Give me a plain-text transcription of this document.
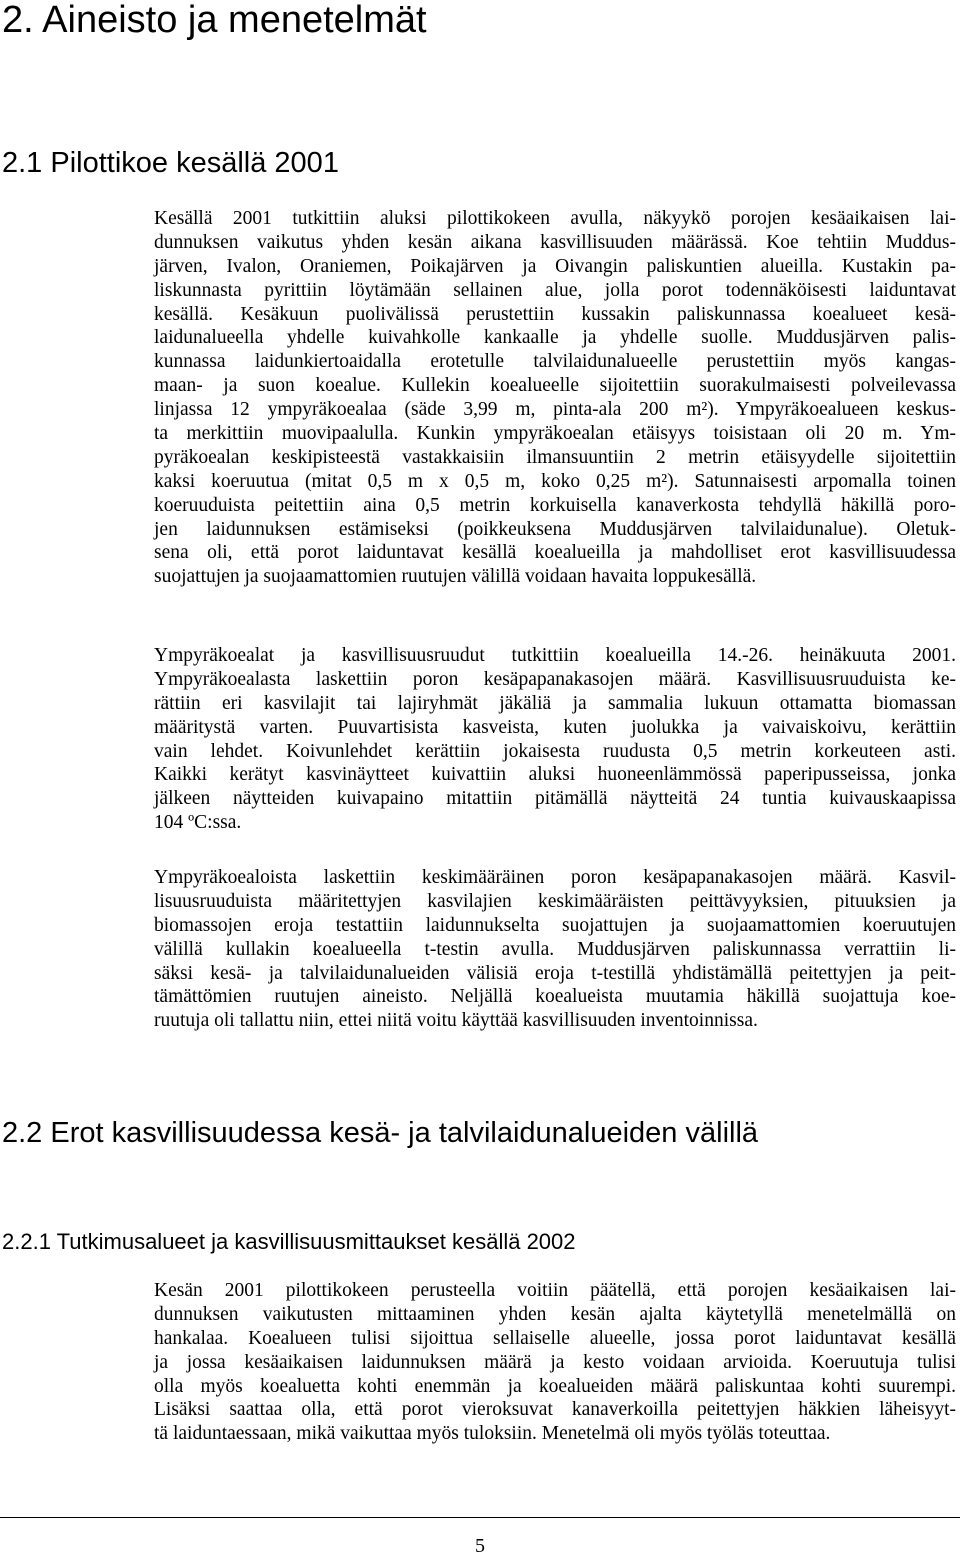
2. Aineisto ja menetelmät
2.1 Pilottikoe kesällä 2001
Kesällä 2001 tutkittiin aluksi pilottikokeen avulla, näkyykö porojen kesäaikaisen lai-
dunnuksen vaikutus yhden kesän aikana kasvillisuuden määrässä. Koe tehtiin Muddus-
järven, Ivalon, Oraniemen, Poikajärven ja Oivangin paliskuntien alueilla. Kustakin pa-
liskunnasta pyrittiin löytämään sellainen alue, jolla porot todennäköisesti laiduntavat
kesällä. Kesäkuun puolivälissä perustettiin kussakin paliskunnassa koealueet kesä-
laidunalueella yhdelle kuivahkolle kankaalle ja yhdelle suolle. Muddusjärven palis-
kunnassa laidunkiertoaidalla erotetulle talvilaidunalueelle perustettiin myös kangas-
maan- ja suon koealue. Kullekin koealueelle sijoitettiin suorakulmaisesti polveilevassa
linjassa 12 ympyräkoealaa (säde 3,99 m, pinta-ala 200 m²). Ympyräkoealueen keskus-
ta merkittiin muovipaalulla. Kunkin ympyräkoealan etäisyys toisistaan oli 20 m. Ym-
pyräkoealan keskipisteestä vastakkaisiin ilmansuuntiin 2 metrin etäisyydelle sijoitettiin
kaksi koeruutua (mitat 0,5 m x 0,5 m, koko 0,25 m²). Satunnaisesti arpomalla toinen
koeruuduista peitettiin aina 0,5 metrin korkuisella kanaverkosta tehdyllä häkillä poro-
jen laidunnuksen estämiseksi (poikkeuksena Muddusjärven talvilaidunalue). Oletuk-
sena oli, että porot laiduntavat kesällä koealueilla ja mahdolliset erot kasvillisuudessa
suojattujen ja suojaamattomien ruutujen välillä voidaan havaita loppukesällä.
Ympyräkoealat ja kasvillisuusruudut tutkittiin koealueilla 14.-26. heinäkuuta 2001.
Ympyräkoealasta laskettiin poron kesäpapanakasojen määrä. Kasvillisuusruuduista ke-
rättiin eri kasvilajit tai lajiryhmät jäkäliä ja sammalia lukuun ottamatta biomassan
määritystä varten. Puuvartisista kasveista, kuten juolukka ja vaivaiskoivu, kerättiin
vain lehdet. Koivunlehdet kerättiin jokaisesta ruudusta 0,5 metrin korkeuteen asti.
Kaikki kerätyt kasvinäytteet kuivattiin aluksi huoneenlämmössä paperipusseissa, jonka
jälkeen näytteiden kuivapaino mitattiin pitämällä näytteitä 24 tuntia kuivauskaapissa
104 ºC:ssa.
Ympyräkoealoista laskettiin keskimääräinen poron kesäpapanakasojen määrä. Kasvil-
lisuusruuduista määritettyjen kasvilajien keskimääräisten peittävyyksien, pituuksien ja
biomassojen eroja testattiin laidunnukselta suojattujen ja suojaamattomien koeruutujen
välillä kullakin koealueella t-testin avulla. Muddusjärven paliskunnassa verrattiin li-
säksi kesä- ja talvilaidunalueiden välisiä eroja t-testillä yhdistämällä peitettyjen ja peit-
tämättömien ruutujen aineisto. Neljällä koealueista muutamia häkillä suojattuja koe-
ruutuja oli tallattu niin, ettei niitä voitu käyttää kasvillisuuden inventoinnissa.
2.2 Erot kasvillisuudessa kesä- ja talvilaidunalueiden välillä
2.2.1 Tutkimusalueet ja kasvillisuusmittaukset kesällä 2002
Kesän 2001 pilottikokeen perusteella voitiin päätellä, että porojen kesäaikaisen lai-
dunnuksen vaikutusten mittaaminen yhden kesän ajalta käytetyllä menetelmällä on
hankalaa. Koealueen tulisi sijoittua sellaiselle alueelle, jossa porot laiduntavat kesällä
ja jossa kesäaikaisen laidunnuksen määrä ja kesto voidaan arvioida. Koeruutuja tulisi
olla myös koealuetta kohti enemmän ja koealueiden määrä paliskuntaa kohti suurempi.
Lisäksi saattaa olla, että porot vieroksuvat kanaverkoilla peitettyjen häkkien läheisyyt-
tä laiduntaessaan, mikä vaikuttaa myös tuloksiin. Menetelmä oli myös työläs toteuttaa.
5
